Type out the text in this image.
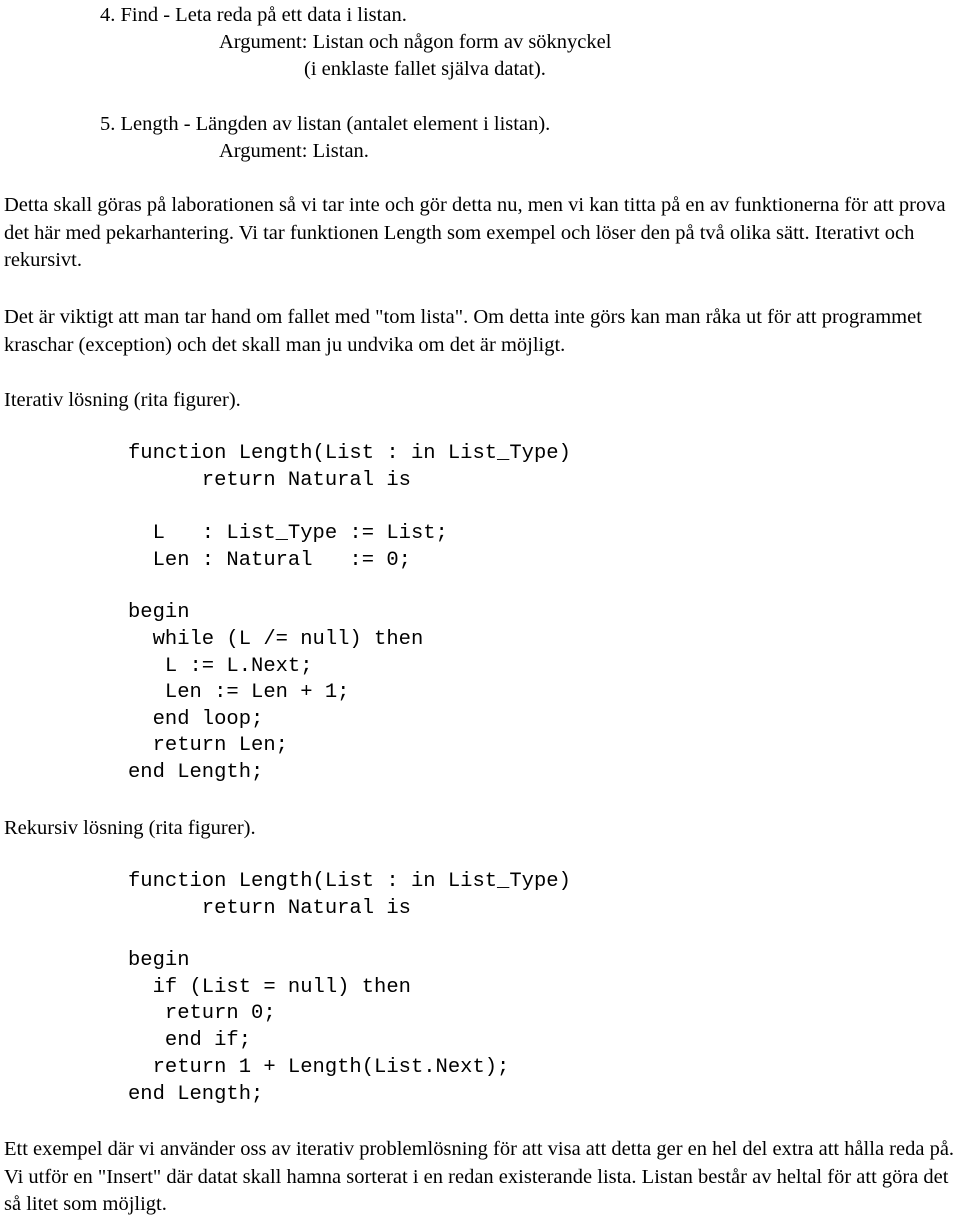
4. Find - Leta reda på ett data i listan.
Argument: Listan och någon form av söknyckel
(i enklaste fallet själva datat).
5. Length - Längden av listan (antalet element i listan).
Argument: Listan.

Detta skall göras på laborationen så vi tar inte och gör detta nu, men vi kan titta på en av funktionerna för att prova det här med pekarhantering. Vi tar funktionen Length som exempel och löser den på två olika sätt. Iterativt och rekursivt.

Det är viktigt att man tar hand om fallet med "tom lista". Om detta inte görs kan man råka ut för att programmet kraschar (exception) och det skall man ju undvika om det är möjligt.

Iterativ lösning (rita figurer).
function Length(List : in List_Type)
return Natural is
L   : List_Type := List;
Len : Natural   := 0;
begin
while (L /= null) then
L := L.Next;
Len := Len + 1;
end loop;
return Len;
end Length;
Rekursiv lösning (rita figurer).
function Length(List : in List_Type)
return Natural is
begin
if (List = null) then
return 0;
end if;
return 1 + Length(List.Next);
end Length;

Ett exempel där vi använder oss av iterativ problemlösning för att visa att detta ger en hel del extra att hålla reda på. Vi utför en "Insert" där datat skall hamna sorterat i en redan existerande lista. Listan består av heltal för att göra det så litet som möjligt.
